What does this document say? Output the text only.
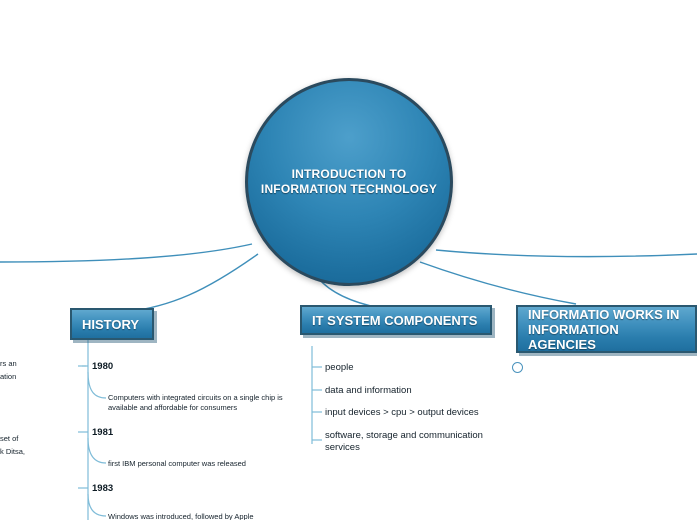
INTRODUCTION TO INFORMATION TECHNOLOGY
HISTORY	IT SYSTEM COMPONENTS	INFORMATIO WORKS IN INFORMATION AGENCIES
people
data and information
input devices > cpu > output devices
software, storage and communication services
1980
Computers with integrated circuits on a single chip is available and affordable for consumers
1981
first IBM personal computer was released
1983
Windows was introduced, followed by Apple
rs an
ation
set of
k Ditsa,
